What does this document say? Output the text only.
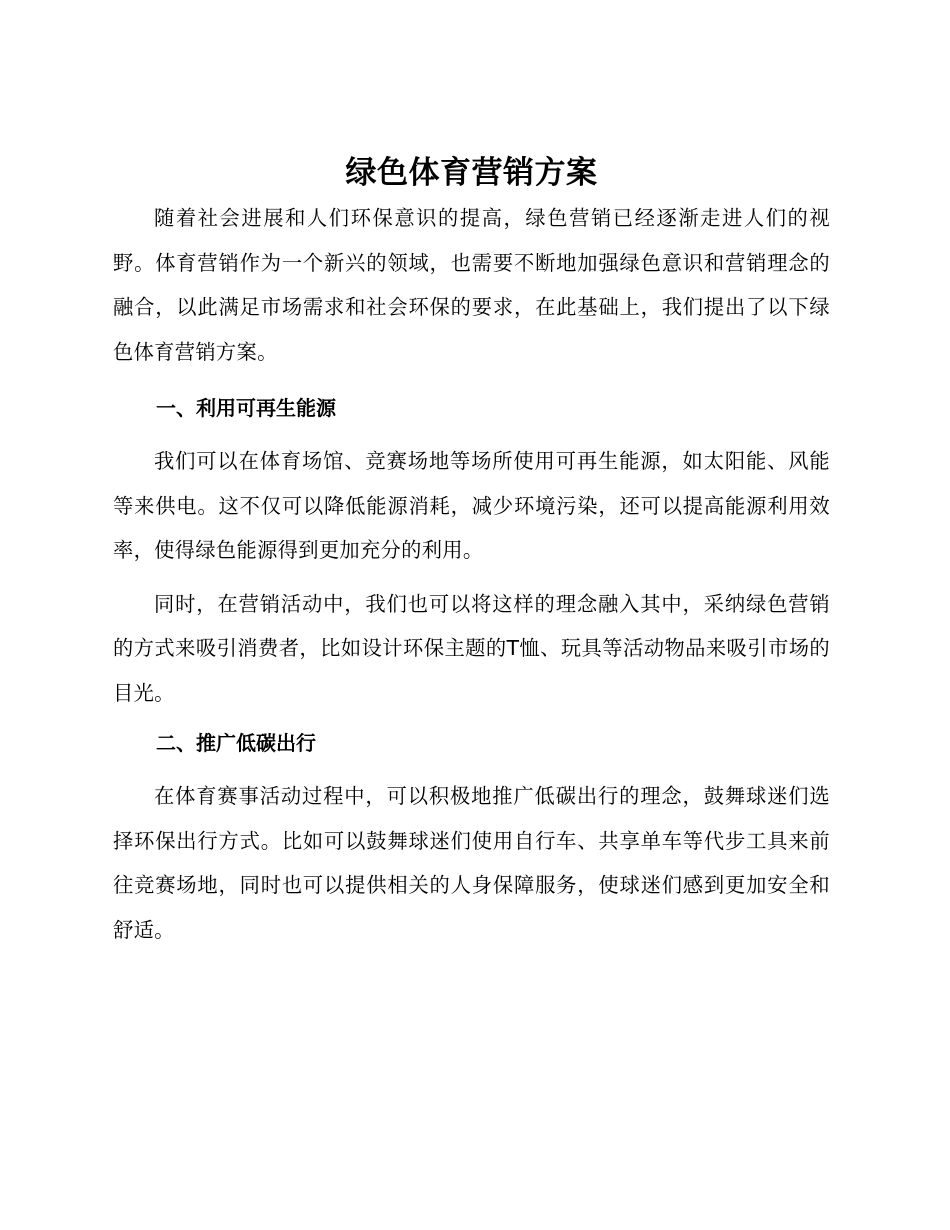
绿色体育营销方案

随着社会进展和人们环保意识的提高，绿色营销已经逐渐走进人们的视野。体育营销作为一个新兴的领域，也需要不断地加强绿色意识和营销理念的融合，以此满足市场需求和社会环保的要求，在此基础上，我们提出了以下绿色体育营销方案。

一、利用可再生能源

我们可以在体育场馆、竞赛场地等场所使用可再生能源，如太阳能、风能等来供电。这不仅可以降低能源消耗，减少环境污染，还可以提高能源利用效率，使得绿色能源得到更加充分的利用。

同时，在营销活动中，我们也可以将这样的理念融入其中，采纳绿色营销的方式来吸引消费者，比如设计环保主题的T恤、玩具等活动物品来吸引市场的目光。

二、推广低碳出行

在体育赛事活动过程中，可以积极地推广低碳出行的理念，鼓舞球迷们选择环保出行方式。比如可以鼓舞球迷们使用自行车、共享单车等代步工具来前往竞赛场地，同时也可以提供相关的人身保障服务，使球迷们感到更加安全和舒适。
